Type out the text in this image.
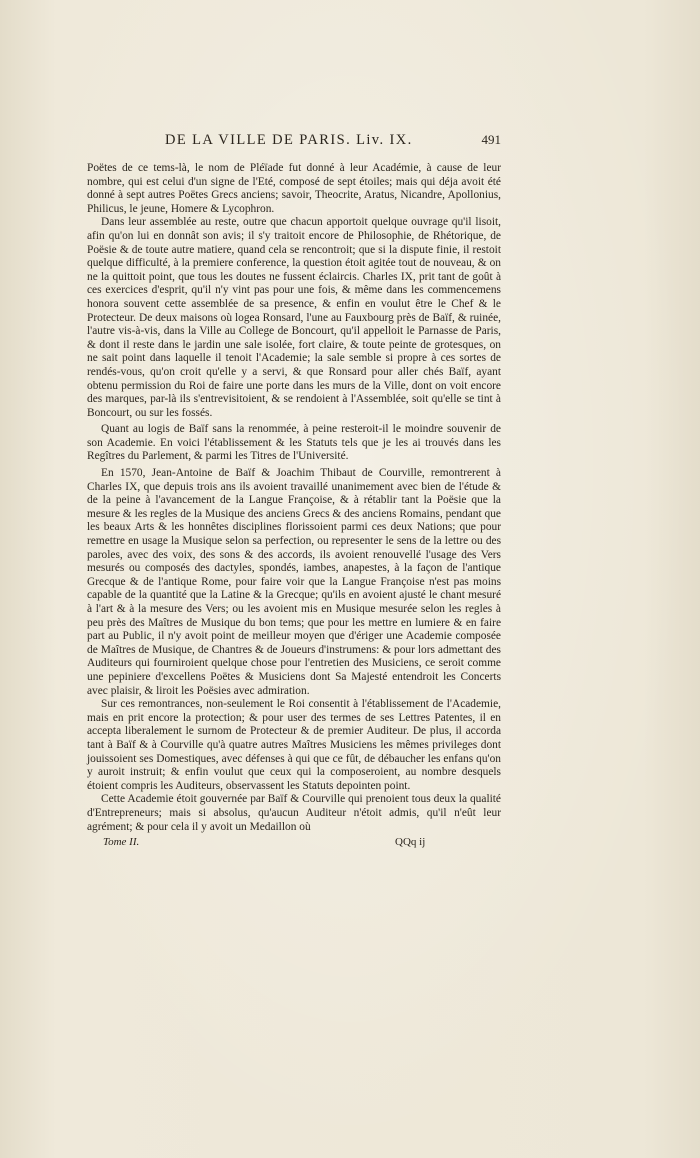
DE LA VILLE DE PARIS. Liv. IX.	491

Poëtes de ce tems-là, le nom de Pléïade fut donné à leur Académie, à cause de leur nombre, qui est celui d'un signe de l'Eté, composé de sept étoiles; mais qui déja avoit été donné à sept autres Poëtes Grecs anciens; savoir, Theocrite, Aratus, Nicandre, Apollonius, Philicus, le jeune, Homere & Lycophron.

Dans leur assemblée au reste, outre que chacun apportoit quelque ouvrage qu'il lisoit, afin qu'on lui en donnât son avis; il s'y traitoit encore de Philosophie, de Rhétorique, de Poësie & de toute autre matiere, quand cela se rencontroit; que si la dispute finie, il restoit quelque difficulté, à la premiere conference, la question étoit agitée tout de nouveau, & on ne la quittoit point, que tous les doutes ne fussent éclaircis. Charles IX, prit tant de goût à ces exercices d'esprit, qu'il n'y vint pas pour une fois, & même dans les commencemens honora souvent cette assemblée de sa presence, & enfin en voulut être le Chef & le Protecteur. De deux maisons où logea Ronsard, l'une au Fauxbourg près de Baïf, & ruinée, l'autre vis-à-vis, dans la Ville au College de Boncourt, qu'il appelloit le Parnasse de Paris, & dont il reste dans le jardin une sale isolée, fort claire, & toute peinte de grotesques, on ne sait point dans laquelle il tenoit l'Academie; la sale semble si propre à ces sortes de rendés-vous, qu'on croit qu'elle y a servi, & que Ronsard pour aller chés Baïf, ayant obtenu permission du Roi de faire une porte dans les murs de la Ville, dont on voit encore des marques, par-là ils s'entrevisitoient, & se rendoient à l'Assemblée, soit qu'elle se tint à Boncourt, ou sur les fossés.

Quant au logis de Baïf sans la renommée, à peine resteroit-il le moindre souvenir de son Academie. En voici l'établissement & les Statuts tels que je les ai trouvés dans les Regîtres du Parlement, & parmi les Titres de l'Université.

En 1570, Jean-Antoine de Baïf & Joachim Thibaut de Courville, remontrerent à Charles IX, que depuis trois ans ils avoient travaillé unanimement avec bien de l'étude & de la peine à l'avancement de la Langue Françoise, & à rétablir tant la Poësie que la mesure & les regles de la Musique des anciens Grecs & des anciens Romains, pendant que les beaux Arts & les honnêtes disciplines florissoient parmi ces deux Nations; que pour remettre en usage la Musique selon sa perfection, ou representer le sens de la lettre ou des paroles, avec des voix, des sons & des accords, ils avoient renouvellé l'usage des Vers mesurés ou composés des dactyles, spondés, iambes, anapestes, à la façon de l'antique Grecque & de l'antique Rome, pour faire voir que la Langue Françoise n'est pas moins capable de la quantité que la Latine & la Grecque; qu'ils en avoient ajusté le chant mesuré à l'art & à la mesure des Vers; ou les avoient mis en Musique mesurée selon les regles à peu près des Maîtres de Musique du bon tems; que pour les mettre en lumiere & en faire part au Public, il n'y avoit point de meilleur moyen que d'ériger une Academie composée de Maîtres de Musique, de Chantres & de Joueurs d'instrumens: & pour lors admettant des Auditeurs qui fourniroient quelque chose pour l'entretien des Musiciens, ce seroit comme une pepiniere d'excellens Poëtes & Musiciens dont Sa Majesté entendroit les Concerts avec plaisir, & liroit les Poësies avec admiration.

Sur ces remontrances, non-seulement le Roi consentit à l'établissement de l'Academie, mais en prit encore la protection; & pour user des termes de ses Lettres Patentes, il en accepta liberalement le surnom de Protecteur & de premier Auditeur. De plus, il accorda tant à Baïf & à Courville qu'à quatre autres Maîtres Musiciens les mêmes privileges dont jouissoient ses Domestiques, avec défenses à qui que ce fût, de débaucher les enfans qu'on y auroit instruit; & enfin voulut que ceux qui la composeroient, au nombre desquels étoient compris les Auditeurs, observassent les Statuts depointen point.

Cette Academie étoit gouvernée par Baïf & Courville qui prenoient tous deux la qualité d'Entrepreneurs; mais si absolus, qu'aucun Auditeur n'étoit admis, qu'il n'eût leur agrément; & pour cela il y avoit un Medaillon où

Tome II.	QQq ij
